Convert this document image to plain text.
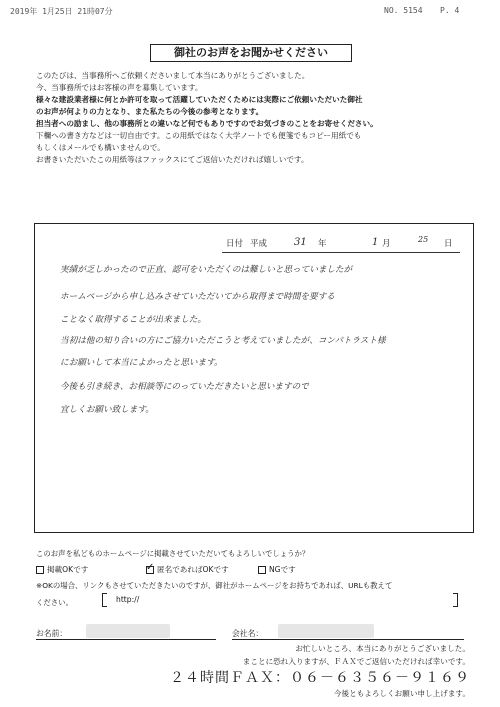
2019年 1月25日 21時07分	NO. 5154 P. 4
御社のお声をお聞かせください
このたびは、当事務所へご依頼くださいまして本当にありがとうございました。
今、当事務所ではお客様の声を募集しています。
様々な建設業者様に何とか許可を取って活躍していただくためには実際にご依頼いただいた御社
のお声が何よりの力となり、また私たちの今後の参考となります。
担当者への励まし、他の事務所との違いなど何でもありですのでお気づきのことをお寄せください。
下欄への書き方などは一切自由です。この用紙ではなく大学ノートでも便箋でもコピー用紙でも
もしくはメールでも構いませんので。
お書きいただいたこの用紙等はファックスにてご返信いただければ嬉しいです。
日付 平成	31 年	1 月	25 日
実績が乏しかったので正直、認可をいただくのは難しいと思っていましたが
ホームページから申し込みさせていただいてから取得まで時間を要する
ことなく取得することが出来ました。
当初は他の知り合いの方にご協力いただこうと考えていましたが、コンパトラスト様
にお願いして本当によかったと思います。
今後も引き続き、お相談等にのっていただきたいと思いますので
宜しくお願い致します。
このお声を私どものホームページに掲載させていただいてもよろしいでしょうか？
掲載OKです	✓ 匿名であればOKです	NGです
※OKの場合、リンクもさせていただきたいのですが、御社がホームページをお持ちであれば、URLも教えて
ください。	http://
お名前：	会社名：
お忙しいところ、本当にありがとうございました。
まことに恐れ入りますが、ＦＡＸでご返信いただければ幸いです。
２４時間ＦＡＸ：０６－６３５６－９１６９
今後ともよろしくお願い申し上げます。
